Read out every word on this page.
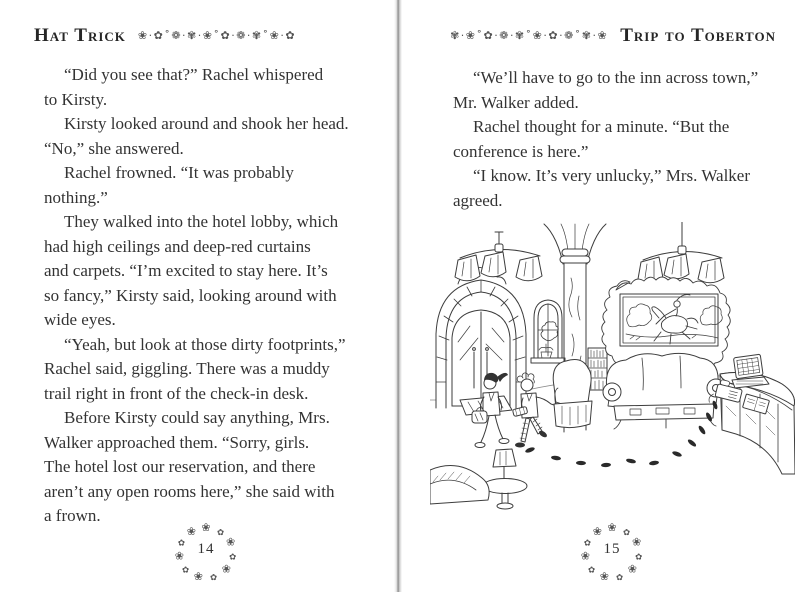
Hat Trick ❀·✿˚❁·✾·❀˚✿·❁·✾˚❀·✿
“Did you see that?” Rachel whispered
to Kirsty.
Kirsty looked around and shook her head.
“No,” she answered.
Rachel frowned. “It was probably
nothing.”
They walked into the hotel lobby, which
had high ceilings and deep-red curtains
and carpets. “I’m excited to stay here. It’s
so fancy,” Kirsty said, looking around with
wide eyes.
“Yeah, but look at those dirty footprints,”
Rachel said, giggling. There was a muddy
trail right in front of the check-in desk.
Before Kirsty could say anything, Mrs.
Walker approached them. “Sorry, girls.
The hotel lost our reservation, and there
aren’t any open rooms here,” she said with
a frown.
❀ ✿
❀
✿
❀
✿
❀
✿
❀
✿
❀
14
✾·❀˚✿·❁·✾˚❀·✿·❁˚✾·❀ Trip to Toberton
“We’ll have to go to the inn across town,”
Mr. Walker added.
Rachel thought for a minute. “But the
conference is here.”
“I know. It’s very unlucky,” Mrs. Walker
agreed.
❀ ✿
❀
✿
❀
✿
❀
✿
❀
✿
❀
15
